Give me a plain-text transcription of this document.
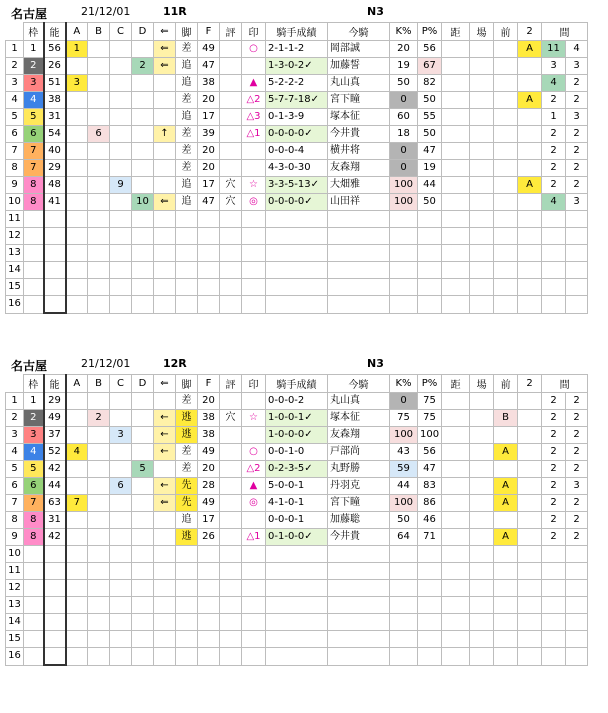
名古屋	21/12/01	11R	N3
	枠	能	A	B	C	D	⇐	脚	F	評	印	騎手成績	今騎	K%	P%	距	場	前	2	間	
1	1	56	1				⇐	差	49		○	2-1-1-2	岡部誠	20	56				A	11	4
2	2	26				2	⇐	追	47			1-3-0-2✓	加藤誓	19	67					3	3
3	3	51	3					追	38		▲	5-2-2-2	丸山真	50	82					4	2
4	4	38						差	20		△2	5-7-7-18✓	宮下瞳	0	50				A	2	2
5	5	31						追	17		△3	0-1-3-9	塚本征	60	55					1	3
6	6	54		6			↑	差	39		△1	0-0-0-0✓	今井貴	18	50					2	2
7	7	40						差	20			0-0-0-4	横井将	0	47					2	2
8	7	29						差	20			4-3-0-30	友森翔	0	19					2	2
9	8	48			9			追	17	穴	☆	3-3-5-13✓	大畑雅	100	44				A	2	2
10	8	41				10	⇐	追	47	穴	◎	0-0-0-0✓	山田祥	100	50					4	3
11																					
12																					
13																					
14																					
15																					
16																					
名古屋	21/12/01	12R	N3
	枠	能	A	B	C	D	⇐	脚	F	評	印	騎手成績	今騎	K%	P%	距	場	前	2	間	
1	1	29						差	20			0-0-0-2	丸山真	0	75					2	2
2	2	49		2			←	逃	38	穴	☆	1-0-0-1✓	塚本征	75	75			B		2	2
3	3	37			3		←	逃	38			1-0-0-0✓	友森翔	100	100					2	2
4	4	52	4				←	差	49		○	0-0-1-0	戸部尚	43	56			A		2	2
5	5	42				5		差	20		△2	0-2-3-5✓	丸野勝	59	47					2	2
6	6	44			6		←	先	28		▲	5-0-0-1	丹羽克	44	83			A		2	3
7	7	63	7				⇐	先	49		◎	4-1-0-1	宮下瞳	100	86			A		2	2
8	8	31						追	17			0-0-0-1	加藤聡	50	46					2	2
9	8	42						逃	26		△1	0-1-0-0✓	今井貴	64	71			A		2	2
10																					
11																					
12																					
13																					
14																					
15																					
16																					
